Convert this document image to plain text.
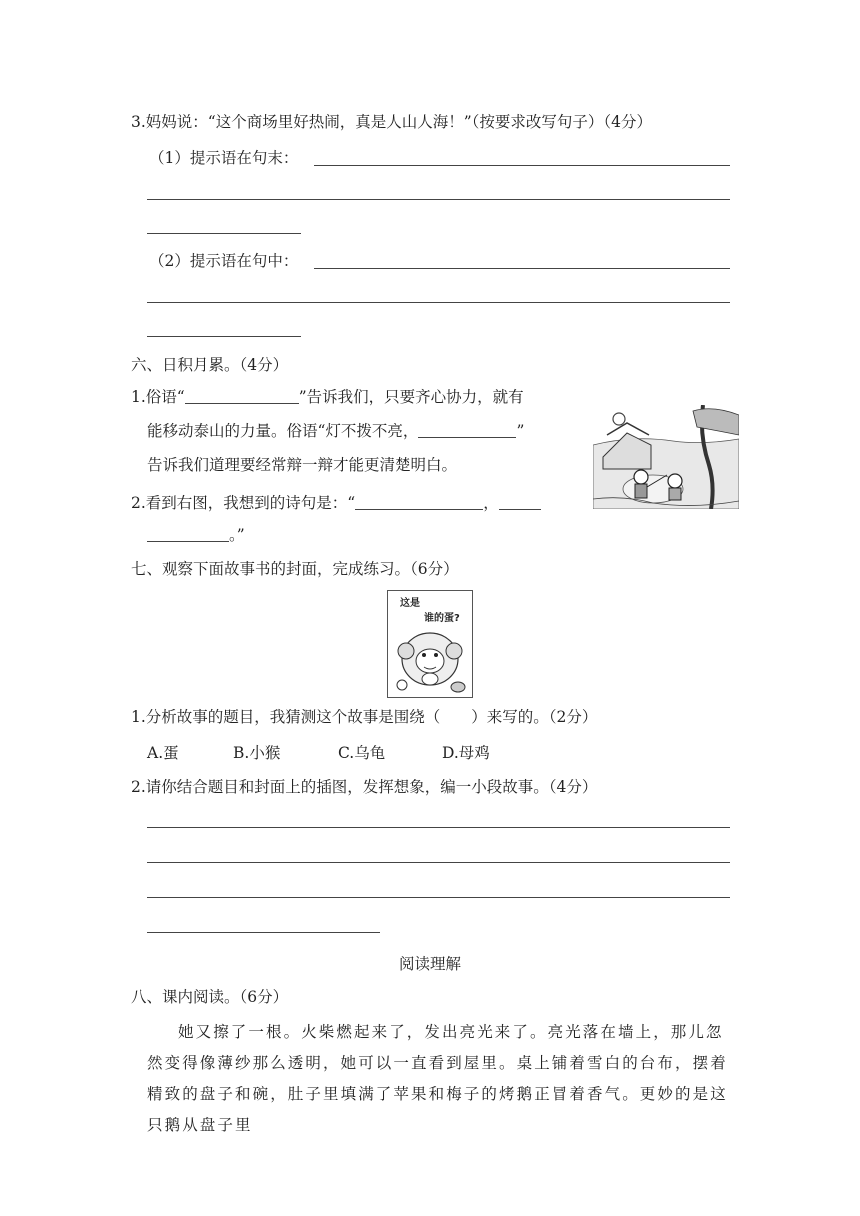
3.妈妈说：“这个商场里好热闹，真是人山人海！”（按要求改写句子）（4分）
（1）提示语在句末：
（2）提示语在句中：
六、日积月累。（4分）
1.俗语“	”告诉我们，只要齐心协力，就有
能移动泰山的力量。俗语“灯不拨不亮，	”
告诉我们道理要经常辩一辩才能更清楚明白。
2.看到右图，我想到的诗句是：“	，
。”
七、观察下面故事书的封面，完成练习。（6分）
这是
谁的蛋?
1.分析故事的题目，我猜测这个故事是围绕（　　）来写的。（2分）
A.蛋	B.小猴	C.乌龟	D.母鸡
2.请你结合题目和封面上的插图，发挥想象，编一小段故事。（4分）
阅读理解
八、课内阅读。（6分）
她又擦了一根。火柴燃起来了，发出亮光来了。亮光落在墙上，那儿忽然变得像薄纱那么透明，她可以一直看到屋里。桌上铺着雪白的台布，摆着精致的盘子和碗，肚子里填满了苹果和梅子的烤鹅正冒着香气。更妙的是这只鹅从盘子里
